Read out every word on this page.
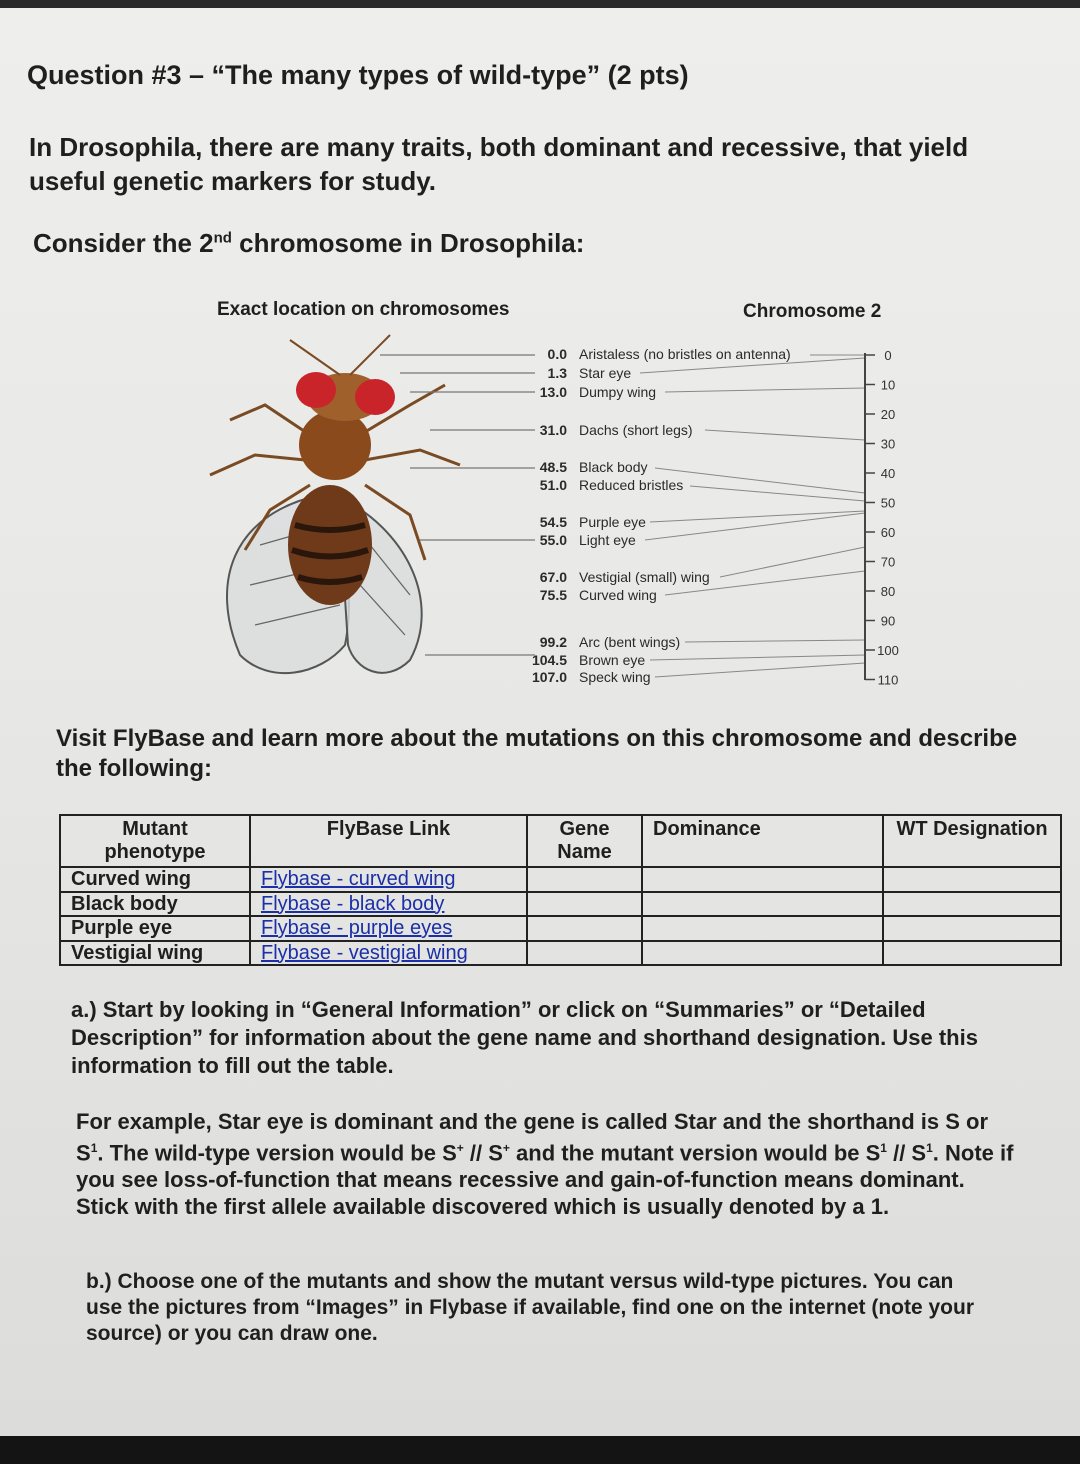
Question #3 – “The many types of wild-type” (2 pts)
In Drosophila, there are many traits, both dominant and recessive, that yield useful genetic markers for study.
Consider the 2nd chromosome in Drosophila:
Exact location on chromosomes	Chromosome 2
0
10
20
30
40
50
60
70
80
90
100
110
0.0 Aristaless (no bristles on antenna)
1.3 Star eye
13.0 Dumpy wing
31.0 Dachs (short legs)
48.5 Black body
51.0 Reduced bristles
54.5 Purple eye
55.0 Light eye
67.0 Vestigial (small) wing
75.5 Curved wing
99.2 Arc (bent wings)
104.5 Brown eye
107.0 Speck wing
Visit FlyBase and learn more about the mutations on this chromosome and describe the following:
Mutant phenotype	FlyBase Link	Gene Name	Dominance	WT Designation
Curved wing	Flybase - curved wing			
Black body	Flybase - black body			
Purple eye	Flybase - purple eyes			
Vestigial wing	Flybase - vestigial wing			
a.) Start by looking in “General Information” or click on “Summaries” or “Detailed Description” for information about the gene name and shorthand designation. Use this information to fill out the table.
For example, Star eye is dominant and the gene is called Star and the shorthand is S or $S^1$. The wild-type version would be S+ // S+ and the mutant version would be $S^1 // S^1$. Note if you see loss-of-function that means recessive and gain-of-function means dominant. Stick with the first allele available discovered which is usually denoted by a 1.
b.) Choose one of the mutants and show the mutant versus wild-type pictures. You can use the pictures from “Images” in Flybase if available, find one on the internet (note your source) or you can draw one.
